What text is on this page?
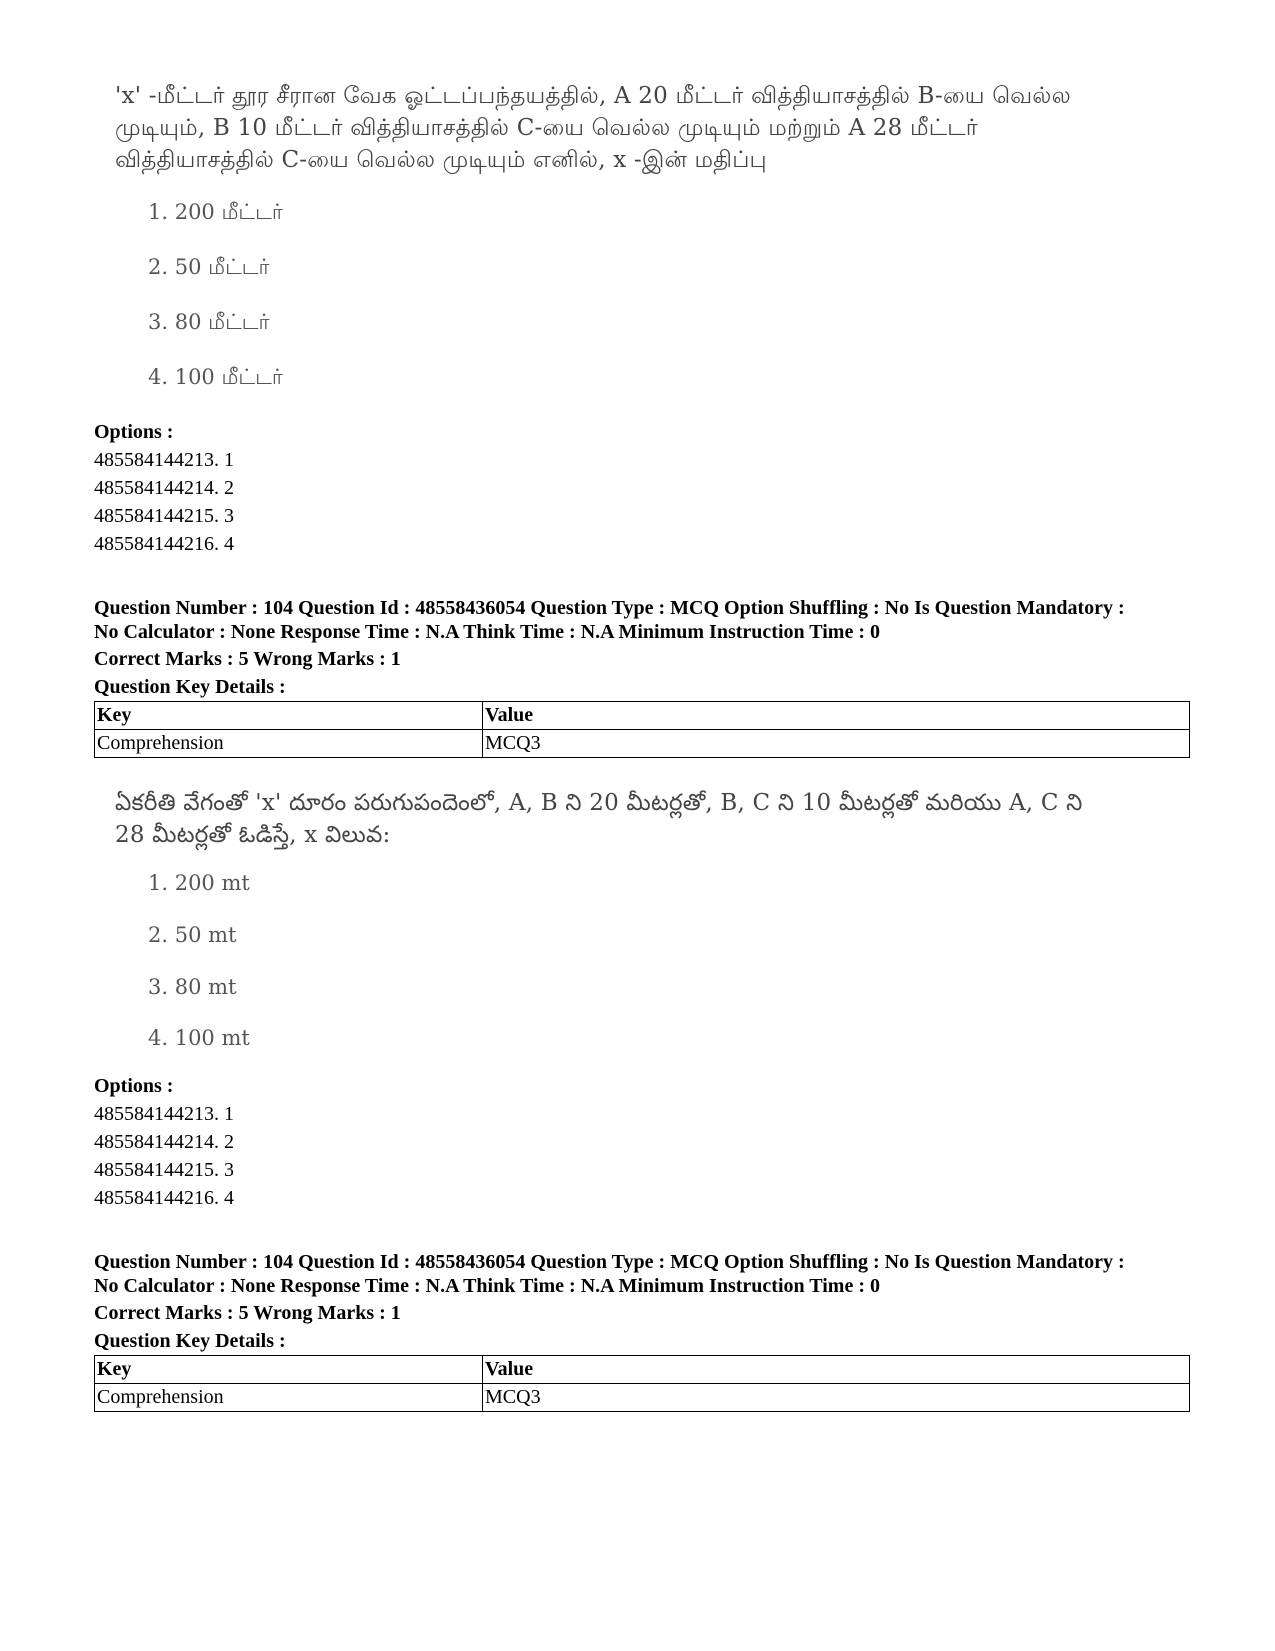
'x' -மீட்டர் தூர சீரான வேக ஓட்டப்பந்தயத்தில், A 20 மீட்டர் வித்தியாசத்தில் B-யை வெல்ல முடியும், B 10 மீட்டர் வித்தியாசத்தில் C-யை வெல்ல முடியும் மற்றும் A 28 மீட்டர் வித்தியாசத்தில் C-யை வெல்ல முடியும் எனில், x -இன் மதிப்பு

1. 200 மீட்டர்
2. 50 மீட்டர்
3. 80 மீட்டர்
4. 100 மீட்டர்
Options :
485584144213. 1
485584144214. 2
485584144215. 3
485584144216. 4
Question Number : 104 Question Id : 48558436054 Question Type : MCQ Option Shuffling : No Is Question Mandatory :
No Calculator : None Response Time : N.A Think Time : N.A Minimum Instruction Time : 0
Correct Marks : 5 Wrong Marks : 1
Question Key Details :
Key	Value
Comprehension	MCQ3

ఏకరీతి వేగంతో 'x' దూరం పరుగుపందెంలో, A, B ని 20 మీటర్లతో, B, C ని 10 మీటర్లతో మరియు A, C ని 28 మీటర్లతో ఓడిస్తే, x విలువ:

1. 200 mt
2. 50 mt
3. 80 mt
4. 100 mt
Options :
485584144213. 1
485584144214. 2
485584144215. 3
485584144216. 4
Question Number : 104 Question Id : 48558436054 Question Type : MCQ Option Shuffling : No Is Question Mandatory :
No Calculator : None Response Time : N.A Think Time : N.A Minimum Instruction Time : 0
Correct Marks : 5 Wrong Marks : 1
Question Key Details :
Key	Value
Comprehension	MCQ3
